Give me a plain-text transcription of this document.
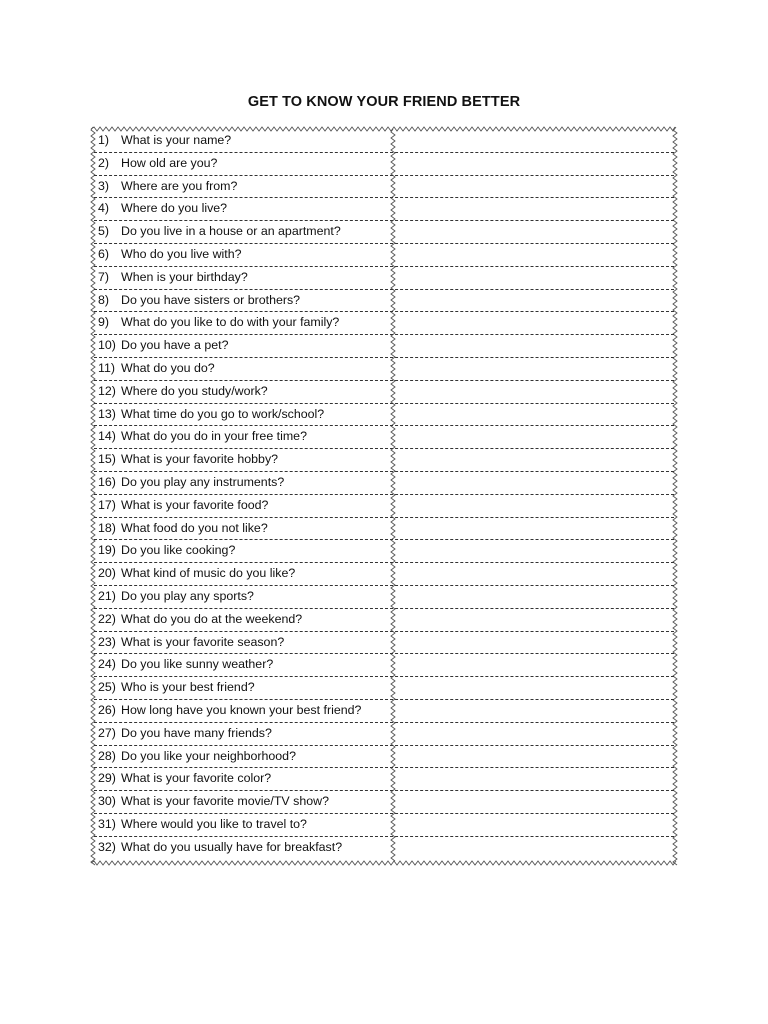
GET TO KNOW YOUR FRIEND BETTER
1) What is your name?
2) How old are you?
3) Where are you from?
4) Where do you live?
5) Do you live in a house or an apartment?
6) Who do you live with?
7) When is your birthday?
8) Do you have sisters or brothers?
9) What do you like to do with your family?
10) Do you have a pet?
11) What do you do?
12) Where do you study/work?
13) What time do you go to work/school?
14) What do you do in your free time?
15) What is your favorite hobby?
16) Do you play any instruments?
17) What is your favorite food?
18) What food do you not like?
19) Do you like cooking?
20) What kind of music do you like?
21) Do you play any sports?
22) What do you do at the weekend?
23) What is your favorite season?
24) Do you like sunny weather?
25) Who is your best friend?
26) How long have you known your best friend?
27) Do you have many friends?
28) Do you like your neighborhood?
29) What is your favorite color?
30) What is your favorite movie/TV show?
31) Where would you like to travel to?
32) What do you usually have for breakfast?
